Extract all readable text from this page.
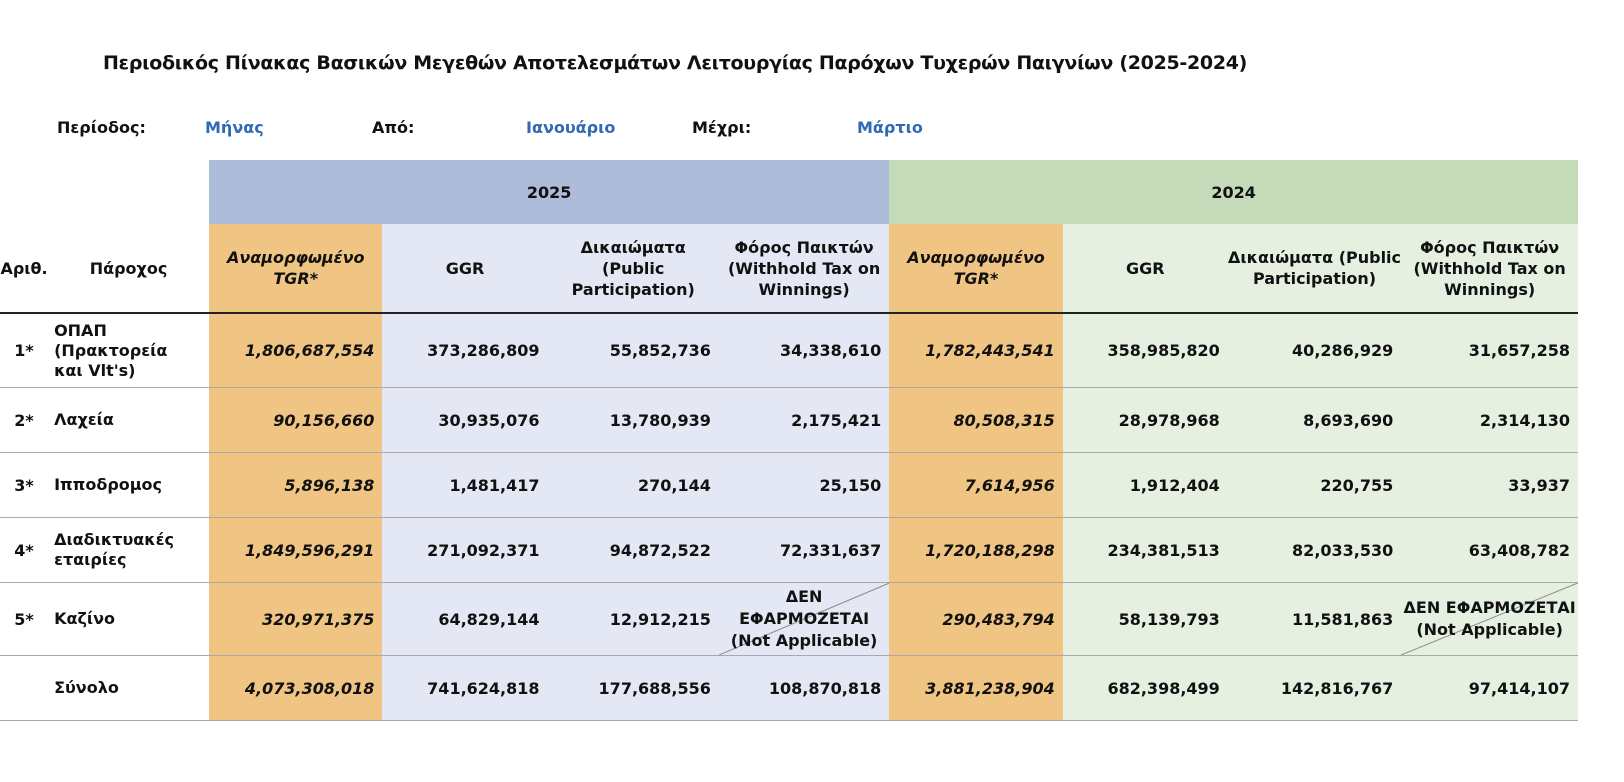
Περιοδικός Πίνακας Βασικών Μεγεθών Αποτελεσμάτων Λειτουργίας Παρόχων Τυχερών Παιγνίων (2025-2024)
Περίοδος:	Μήνας	Από:	Ιανουάριο	Μέχρι:	Μάρτιο
		2025				2024			
Αριθ.	Πάροχος	Αναμορφωμένο TGR*	GGR	Δικαιώματα (Public Participation)	Φόρος Παικτών (Withhold Tax on Winnings)	Αναμορφωμένο TGR*	GGR	Δικαιώματα (Public Participation)	Φόρος Παικτών (Withhold Tax on Winnings)
1*	ΟΠΑΠ (Πρακτορεία και Vlt's)	1,806,687,554	373,286,809	55,852,736	34,338,610	1,782,443,541	358,985,820	40,286,929	31,657,258
2*	Λαχεία	90,156,660	30,935,076	13,780,939	2,175,421	80,508,315	28,978,968	8,693,690	2,314,130
3*	Ιπποδρομος	5,896,138	1,481,417	270,144	25,150	7,614,956	1,912,404	220,755	33,937
4*	Διαδικτυακές εταιρίες	1,849,596,291	271,092,371	94,872,522	72,331,637	1,720,188,298	234,381,513	82,033,530	63,408,782
5*	Καζίνο	320,971,375	64,829,144	12,912,215	ΔΕΝ ΕΦΑΡΜΟΖΕΤΑΙ (Not Applicable)	290,483,794	58,139,793	11,581,863	ΔΕΝ ΕΦΑΡΜΟΖΕΤΑΙ (Not Applicable)
	Σύνολο	4,073,308,018	741,624,818	177,688,556	108,870,818	3,881,238,904	682,398,499	142,816,767	97,414,107
